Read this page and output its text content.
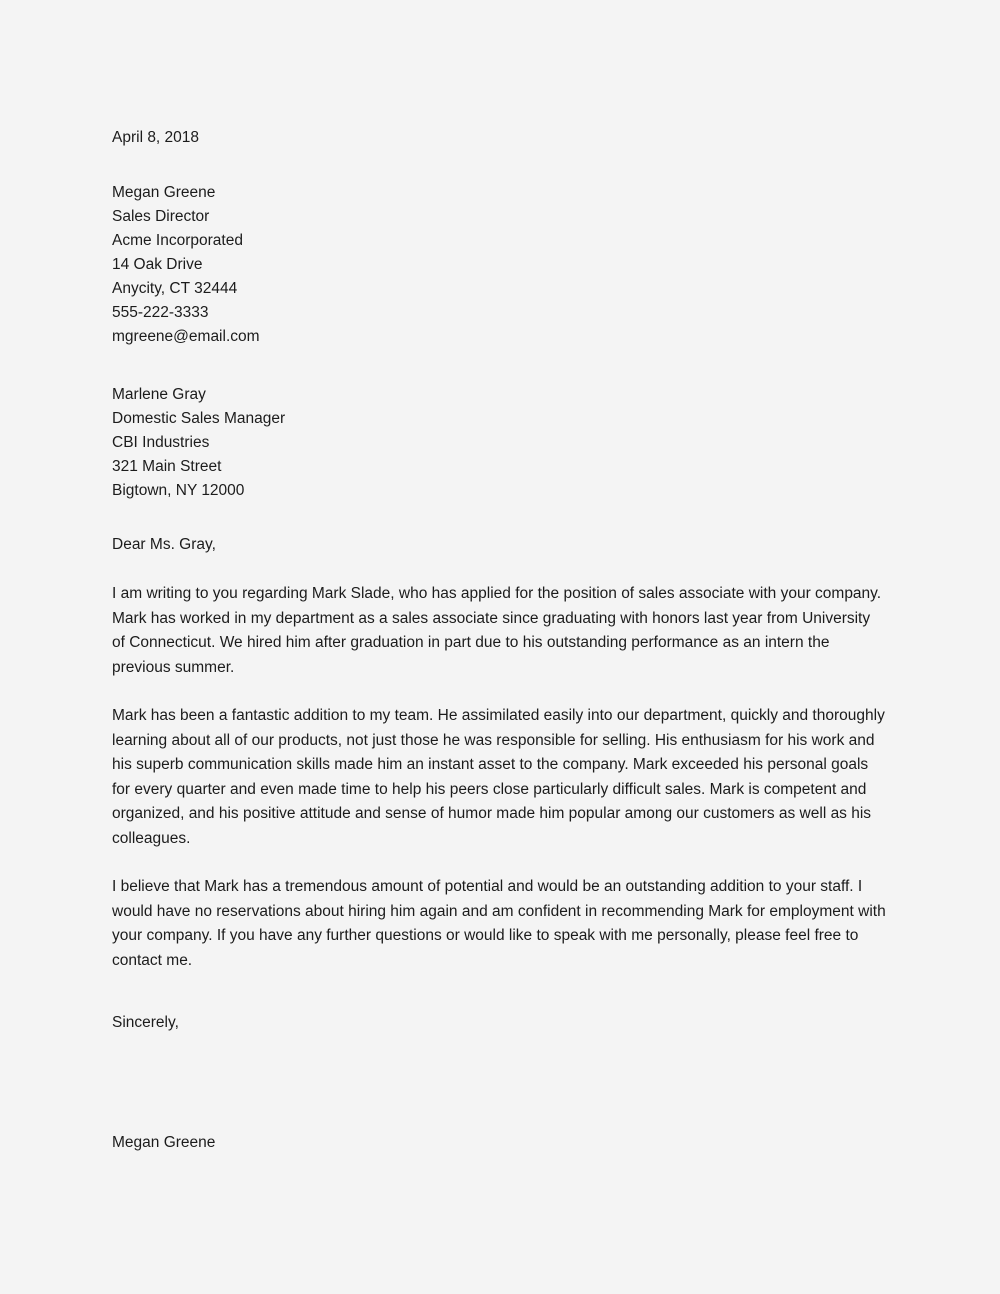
April 8, 2018
Megan Greene
Sales Director
Acme Incorporated
14 Oak Drive
Anycity, CT 32444
555-222-3333
mgreene@email.com
Marlene Gray
Domestic Sales Manager
CBI Industries
321 Main Street
Bigtown, NY 12000
Dear Ms. Gray,
I am writing to you regarding Mark Slade, who has applied for the position of sales associate with your company. Mark has worked in my department as a sales associate since graduating with honors last year from University of Connecticut. We hired him after graduation in part due to his outstanding performance as an intern the previous summer.
Mark has been a fantastic addition to my team. He assimilated easily into our department, quickly and thoroughly learning about all of our products, not just those he was responsible for selling. His enthusiasm for his work and his superb communication skills made him an instant asset to the company. Mark exceeded his personal goals for every quarter and even made time to help his peers close particularly difficult sales. Mark is competent and organized, and his positive attitude and sense of humor made him popular among our customers as well as his colleagues.
I believe that Mark has a tremendous amount of potential and would be an outstanding addition to your staff. I would have no reservations about hiring him again and am confident in recommending Mark for employment with your company. If you have any further questions or would like to speak with me personally, please feel free to contact me.
Sincerely,
Megan Greene
